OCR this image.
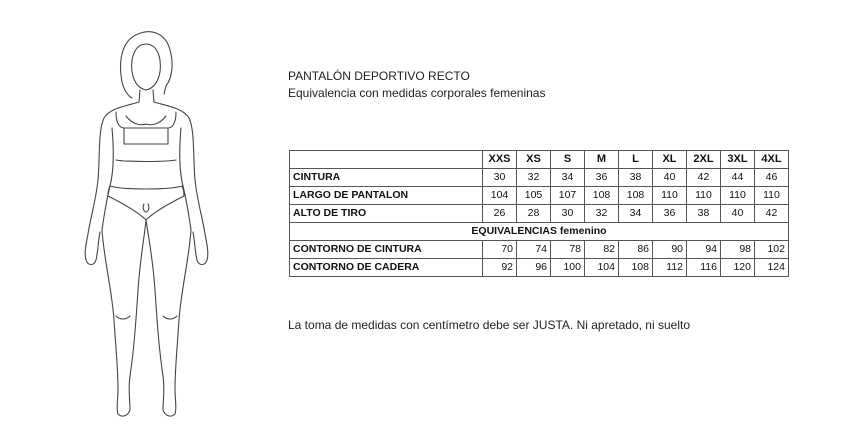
PANTALÓN DEPORTIVO RECTO
Equivalencia con medidas corporales femeninas
	XXS	XS	S	M	L	XL	2XL	3XL	4XL
CINTURA	30	32	34	36	38	40	42	44	46
LARGO DE PANTALON	104	105	107	108	108	110	110	110	110
ALTO DE TIRO	26	28	30	32	34	36	38	40	42
EQUIVALENCIAS femenino									
CONTORNO DE CINTURA	70	74	78	82	86	90	94	98	102
CONTORNO DE CADERA	92	96	100	104	108	112	116	120	124
La toma de medidas con centímetro debe ser JUSTA. Ni apretado, ni suelto
